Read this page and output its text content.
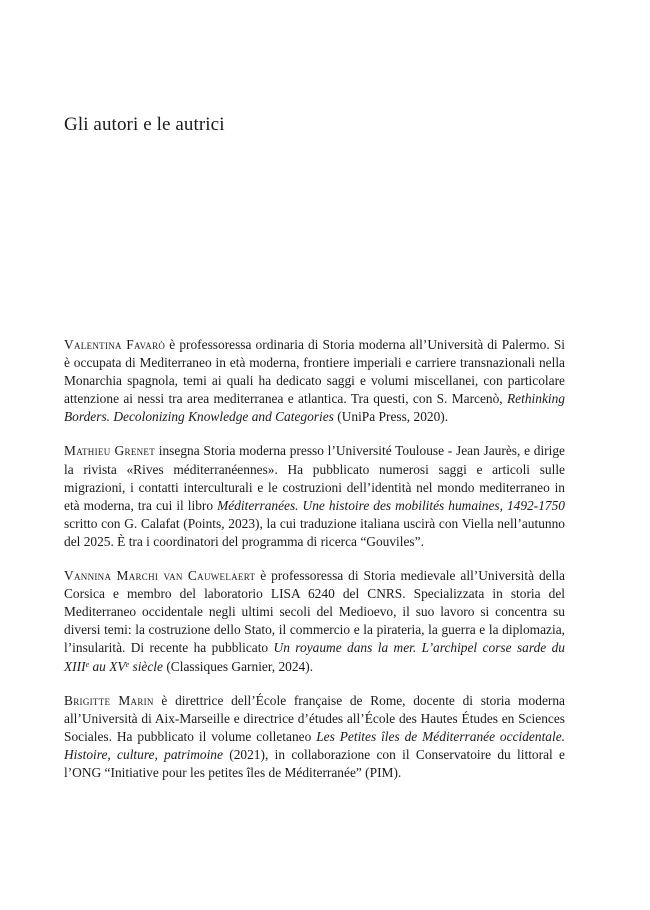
Gli autori e le autrici

Valentina Favarò è professoressa ordinaria di Storia moderna all’Università di Palermo. Si è occupata di Mediterraneo in età moderna, frontiere imperiali e carriere transnazionali nella Monarchia spagnola, temi ai quali ha dedicato saggi e volumi miscellanei, con particolare attenzione ai nessi tra area mediterranea e atlantica. Tra questi, con S. Marcenò, Rethinking Borders. Decolonizing Knowledge and Categories (UniPa Press, 2020).

Mathieu Grenet insegna Storia moderna presso l’Université Toulouse - Jean Jaurès, e dirige la rivista «Rives méditerranéennes». Ha pubblicato numerosi saggi e articoli sulle migrazioni, i contatti interculturali e le costruzioni dell’identità nel mondo mediterraneo in età moderna, tra cui il libro Méditerranées. Une histoire des mobilités humaines, 1492-1750 scritto con G. Calafat (Points, 2023), la cui traduzione italiana uscirà con Viella nell’autunno del 2025. È tra i coordinatori del programma di ricerca “Gouviles”.

Vannina Marchi van Cauwelaert è professoressa di Storia medievale all’Università della Corsica e membro del laboratorio LISA 6240 del CNRS. Specializzata in storia del Mediterraneo occidentale negli ultimi secoli del Medioevo, il suo lavoro si concentra su diversi temi: la costruzione dello Stato, il commercio e la pirateria, la guerra e la diplomazia, l’insularità. Di recente ha pubblicato Un royaume dans la mer. L’archipel corse sarde du XIIIe au XVe siècle (Classiques Garnier, 2024).

Brigitte Marin è direttrice dell’École française de Rome, docente di storia moderna all’Università di Aix-Marseille e directrice d’études all’École des Hautes Études en Sciences Sociales. Ha pubblicato il volume colletaneo Les Petites îles de Méditerranée occidentale. Histoire, culture, patrimoine (2021), in collaborazione con il Conservatoire du littoral e l’ONG “Initiative pour les petites îles de Méditerranée” (PIM).
